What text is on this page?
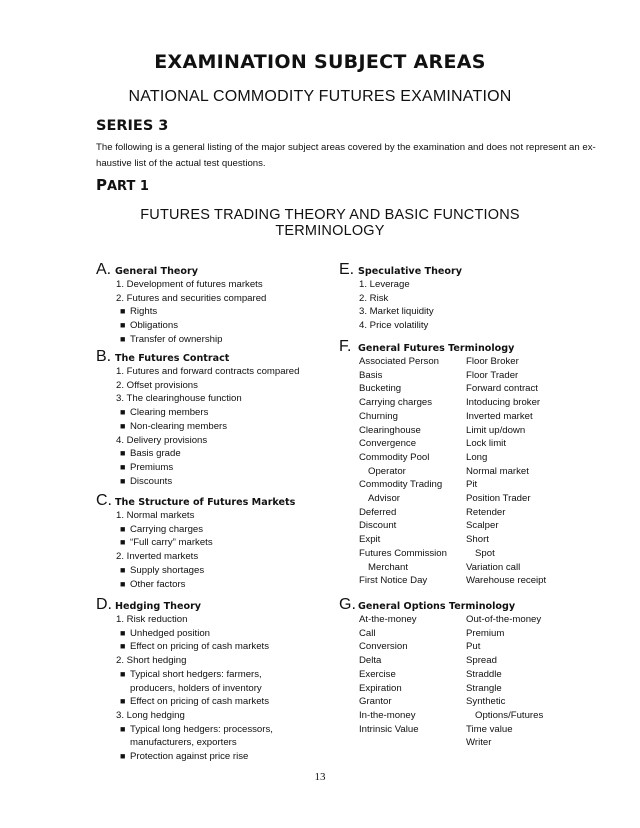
EXAMINATION SUBJECT AREAS
NATIONAL COMMODITY FUTURES EXAMINATION
SERIES 3
The following is a general listing of the major subject areas covered by the examination and does not represent an ex-
haustive list of the actual test questions.
PART 1
FUTURES TRADING THEORY AND BASIC FUNCTIONS
TERMINOLOGY
A. General Theory
1. Development of futures markets
2. Futures and securities compared
■ Rights
■ Obligations
■ Transfer of ownership
B. The Futures Contract
1. Futures and forward contracts compared
2. Offset provisions
3. The clearinghouse function
■ Clearing members
■ Non-clearing members
4. Delivery provisions
■ Basis grade
■ Premiums
■ Discounts
C. The Structure of Futures Markets
1. Normal markets
■ Carrying charges
■ “Full carry” markets
2. Inverted markets
■ Supply shortages
■ Other factors
D. Hedging Theory
1. Risk reduction
■ Unhedged position
■ Effect on pricing of cash markets
2. Short hedging
■ Typical short hedgers: farmers,
producers, holders of inventory
■ Effect on pricing of cash markets
3. Long hedging
■ Typical long hedgers: processors,
manufacturers, exporters
■ Protection against price rise
E. Speculative Theory
1. Leverage
2. Risk
3. Market liquidity
4. Price volatility
F. General Futures Terminology
Associated Person
Basis
Bucketing
Carrying charges
Churning
Clearinghouse
Convergence
Commodity Pool
Operator
Commodity Trading
Advisor
Deferred
Discount
Expit
Futures Commission
Merchant
First Notice Day
Floor Broker
Floor Trader
Forward contract
Intoducing broker
Inverted market
Limit up/down
Lock limit
Long
Normal market
Pit
Position Trader
Retender
Scalper
Short
Spot
Variation call
Warehouse receipt
G. General Options Terminology
At-the-money
Call
Conversion
Delta
Exercise
Expiration
Grantor
In-the-money
Intrinsic Value
Out-of-the-money
Premium
Put
Spread
Straddle
Strangle
Synthetic
Options/Futures
Time value
Writer
13
